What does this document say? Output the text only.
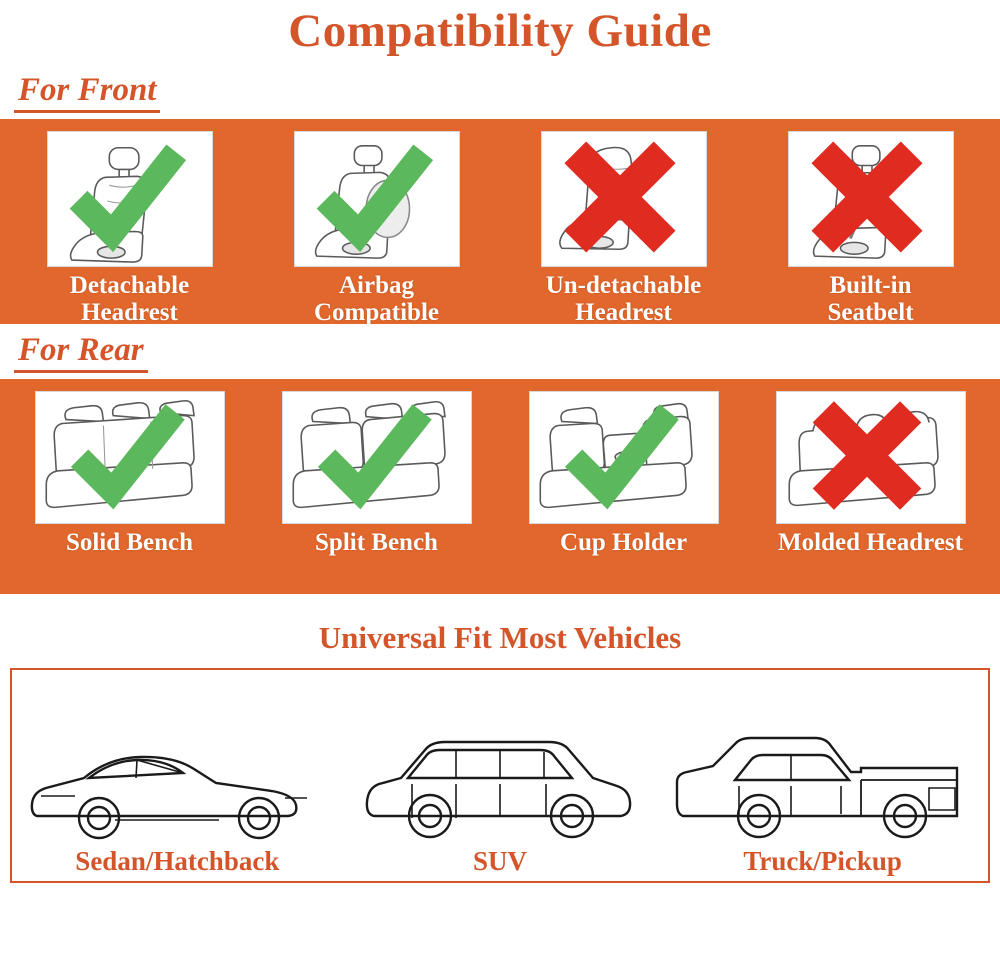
Compatibility Guide
For Front
Detachable
Headrest
Airbag
Compatible
Un-detachable
Headrest
Built-in
Seatbelt
For Rear
Solid Bench	Split Bench	Cup Holder	Molded Headrest
Universal Fit Most Vehicles
Sedan/Hatchback	SUV	Truck/Pickup
